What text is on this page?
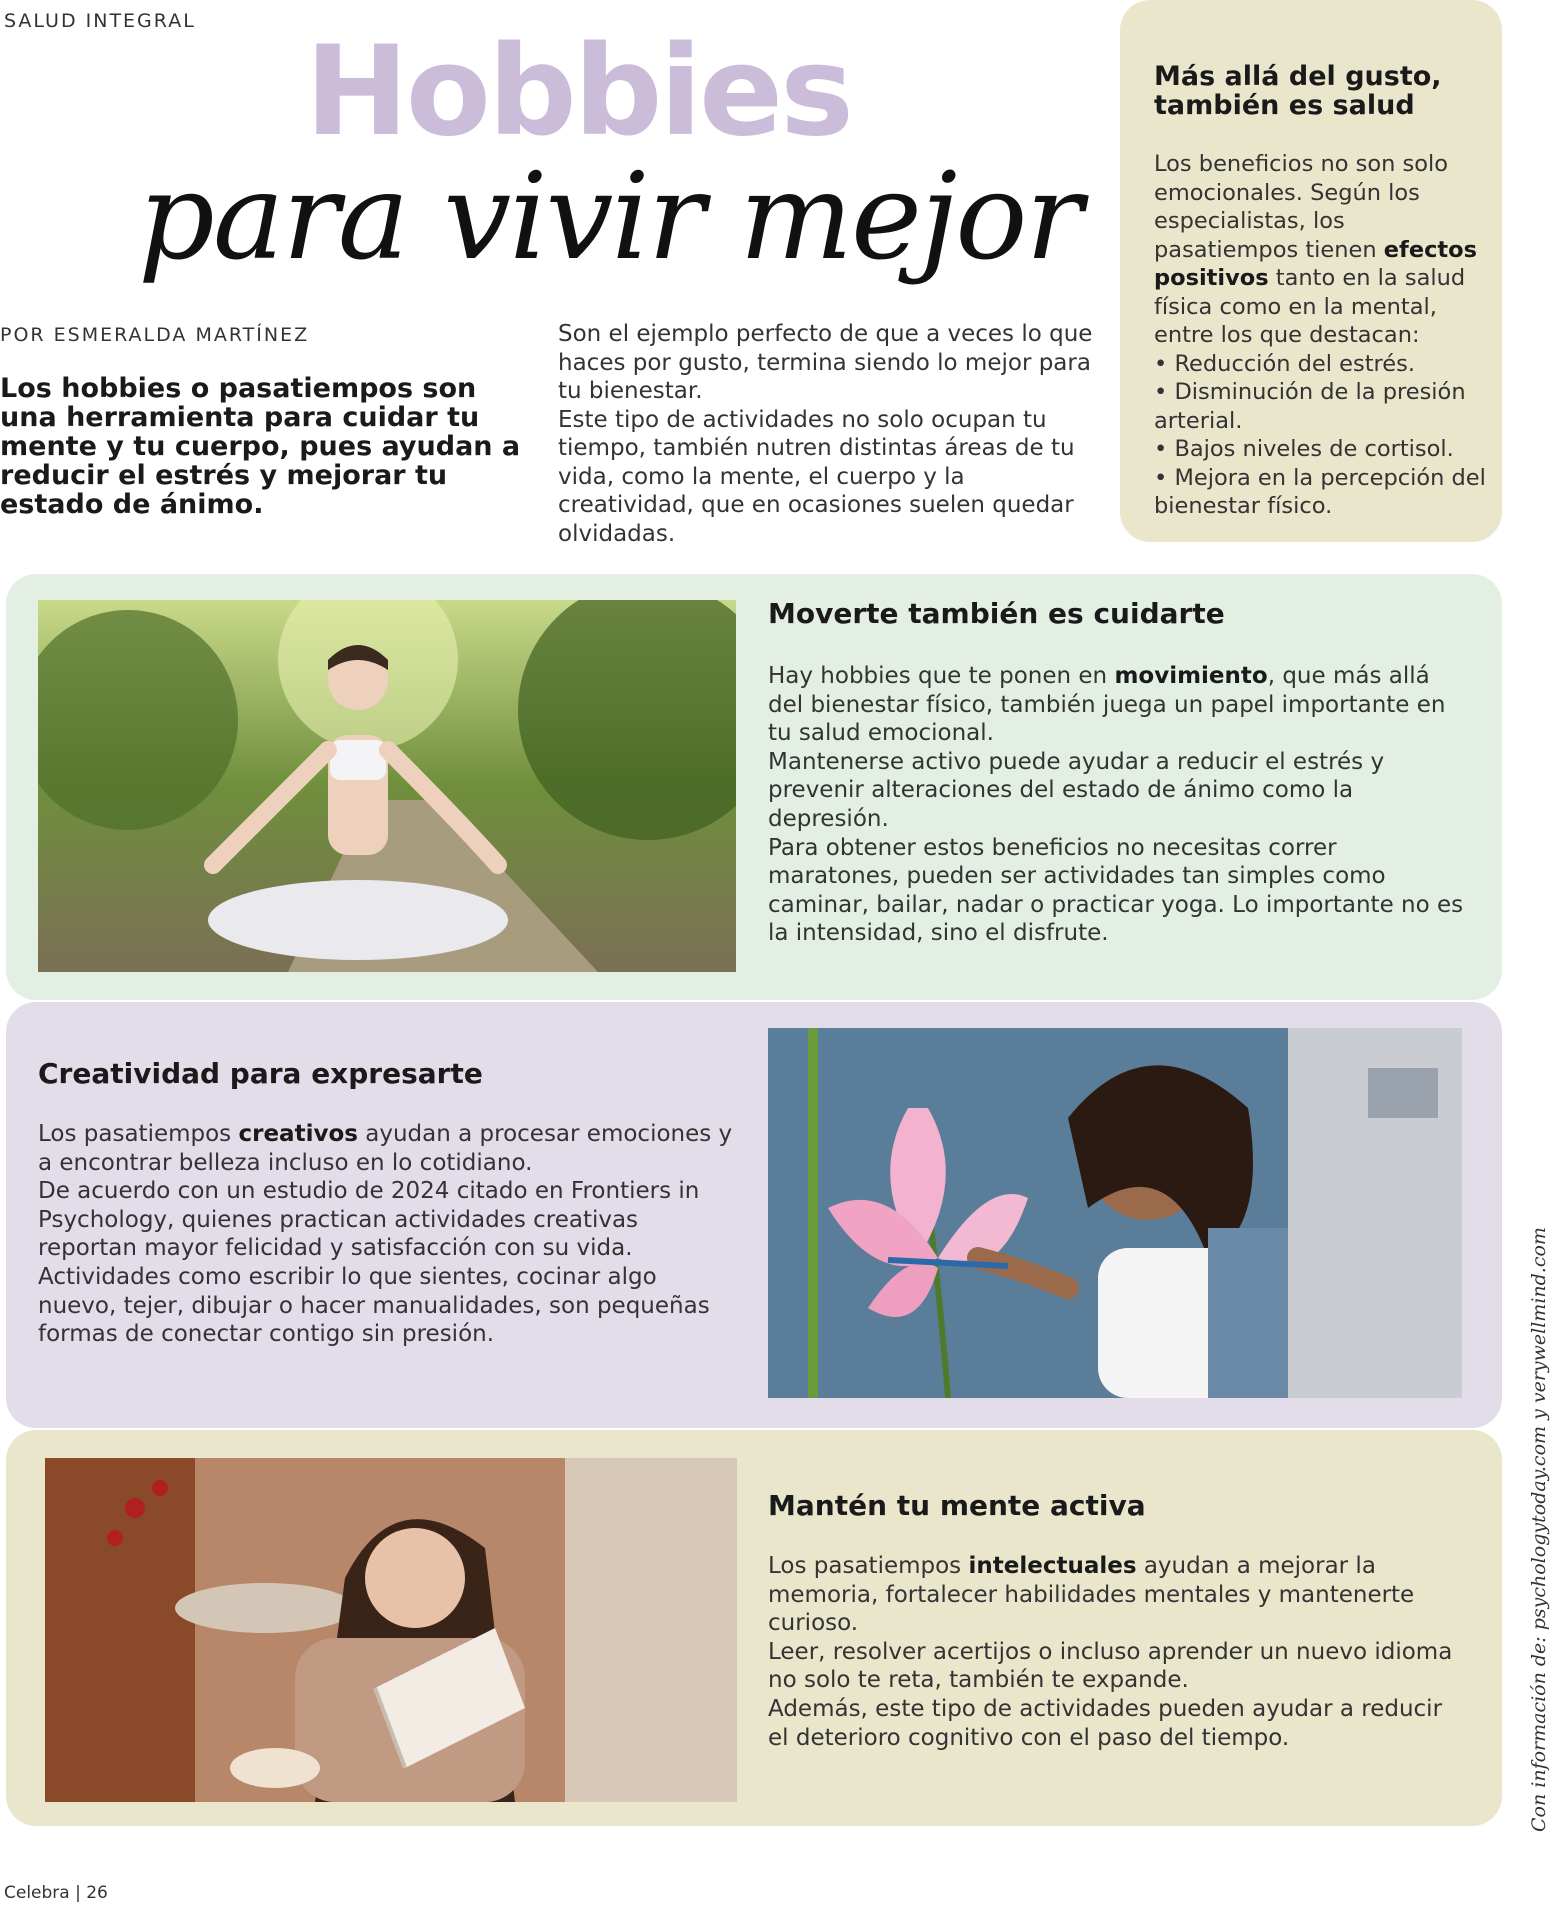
SALUD INTEGRAL Hobbies
para vivir mejor
POR ESMERALDA MARTÍNEZ
Los hobbies o pasatiempos son una herramienta para cuidar tu mente y tu cuerpo, pues ayudan a reducir el estrés y mejorar tu estado de ánimo.
Son el ejemplo perfecto de que a veces lo que haces por gusto, termina siendo lo mejor para tu bienestar.
Este tipo de actividades no solo ocupan tu tiempo, también nutren distintas áreas de tu vida, como la mente, el cuerpo y la creatividad, que en ocasiones suelen quedar olvidadas.
Más allá del gusto, también es salud
Los beneficios no son solo emocionales. Según los especialistas, los pasatiempos tienen efectos positivos tanto en la salud física como en la mental, entre los que destacan:
• Reducción del estrés.
• Disminución de la presión arterial.
• Bajos niveles de cortisol.
• Mejora en la percepción del bienestar físico.
Moverte también es cuidarte

Hay hobbies que te ponen en movimiento, que más allá del bienestar físico, también juega un papel importante en tu salud emocional.

Mantenerse activo puede ayudar a reducir el estrés y prevenir alteraciones del estado de ánimo como la depresión.

Para obtener estos beneficios no necesitas correr maratones, pueden ser actividades tan simples como caminar, bailar, nadar o practicar yoga. Lo importante no es la intensidad, sino el disfrute.

Creatividad para expresarte

Los pasatiempos creativos ayudan a procesar emociones y a encontrar belleza incluso en lo cotidiano.

De acuerdo con un estudio de 2024 citado en Frontiers in Psychology, quienes practican actividades creativas reportan mayor felicidad y satisfacción con su vida.

Actividades como escribir lo que sientes, cocinar algo nuevo, tejer, dibujar o hacer manualidades, son pequeñas formas de conectar contigo sin presión.

Mantén tu mente activa

Los pasatiempos intelectuales ayudan a mejorar la memoria, fortalecer habilidades mentales y mantenerte curioso.

Leer, resolver acertijos o incluso aprender un nuevo idioma no solo te reta, también te expande.

Además, este tipo de actividades pueden ayudar a reducir el deterioro cognitivo con el paso del tiempo.	Con información de: psychologytoday.com y verywellmind.com
Celebra | 26
